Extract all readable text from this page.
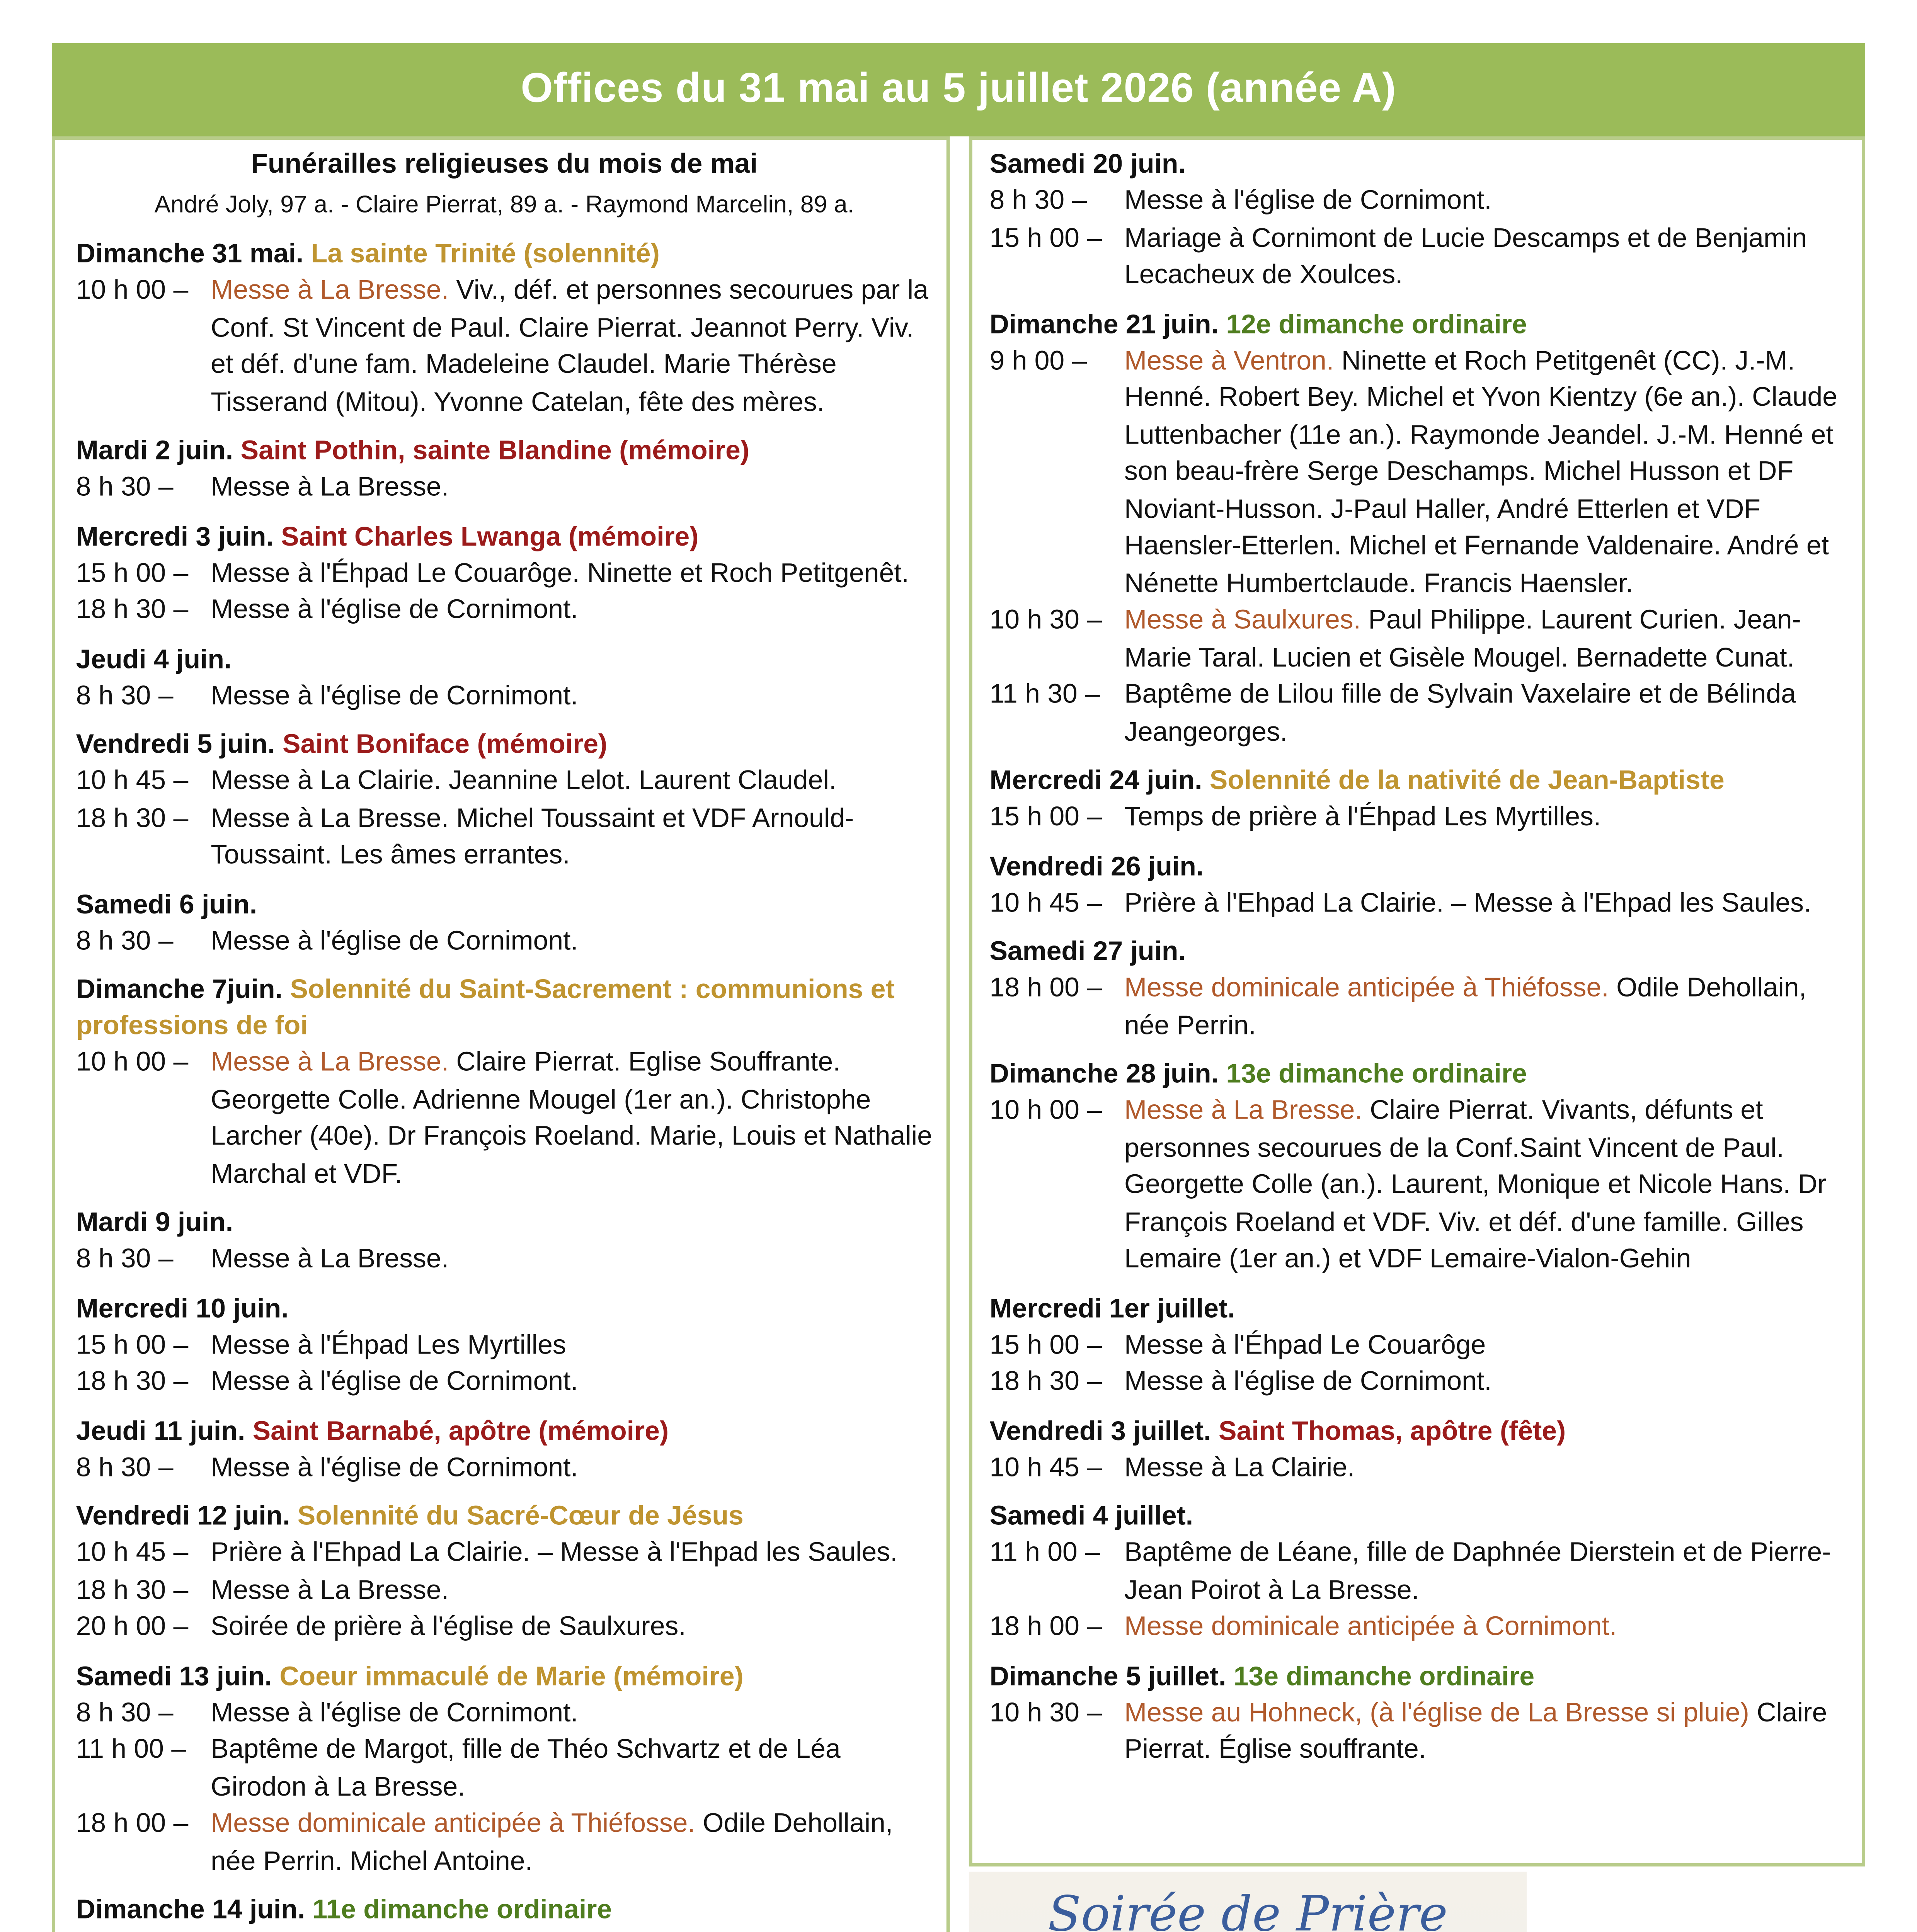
Offices du 31 mai au 5 juillet 2026 (année A)
Funérailles religieuses du mois de mai
André Joly, 97 a. - Claire Pierrat, 89 a. - Raymond Marcelin, 89 a.
Dimanche 31 mai. La sainte Trinité (solennité)
10 h 00 –	Messe à La Bresse. Viv., déf. et personnes secourues par la Conf. St Vincent de Paul. Claire Pierrat. Jeannot Perry. Viv. et déf. d'une fam. Madeleine Claudel. Marie Thérèse Tisserand (Mitou). Yvonne Catelan, fête des mères.
Mardi 2 juin. Saint Pothin, sainte Blandine (mémoire)
8 h 30 –	Messe à La Bresse.
Mercredi 3 juin. Saint Charles Lwanga (mémoire)
15 h 00 –	Messe à l'Éhpad Le Couarôge. Ninette et Roch Petitgenêt.
18 h 30 –	Messe à l'église de Cornimont.
Jeudi 4 juin.
8 h 30 –	Messe à l'église de Cornimont.
Vendredi 5 juin. Saint Boniface (mémoire)
10 h 45 –	Messe à La Clairie. Jeannine Lelot. Laurent Claudel.
18 h 30 –	Messe à La Bresse. Michel Toussaint et VDF Arnould-Toussaint. Les âmes errantes.
Samedi 6 juin.
8 h 30 –	Messe à l'église de Cornimont.
Dimanche 7juin. Solennité du Saint-Sacrement : communions et professions de foi
10 h 00 –	Messe à La Bresse. Claire Pierrat. Eglise Souffrante. Georgette Colle. Adrienne Mougel (1er an.). Christophe Larcher (40e). Dr François Roeland. Marie, Louis et Nathalie Marchal et VDF.
Mardi 9 juin.
8 h 30 –	Messe à La Bresse.
Mercredi 10 juin.
15 h 00 –	Messe à l'Éhpad Les Myrtilles
18 h 30 –	Messe à l'église de Cornimont.
Jeudi 11 juin. Saint Barnabé, apôtre (mémoire)
8 h 30 –	Messe à l'église de Cornimont.
Vendredi 12 juin. Solennité du Sacré-Cœur de Jésus
10 h 45 –	Prière à l'Ehpad La Clairie. – Messe à l'Ehpad les Saules.
18 h 30 –	Messe à La Bresse.
20 h 00 –	Soirée de prière à l'église de Saulxures.
Samedi 13 juin. Coeur immaculé de Marie (mémoire)
8 h 30 –	Messe à l'église de Cornimont.
11 h 00 –	Baptême de Margot, fille de Théo Schvartz et de Léa Girodon à La Bresse.
18 h 00 –	Messe dominicale anticipée à Thiéfosse. Odile Dehollain, née Perrin. Michel Antoine.
Dimanche 14 juin. 11e dimanche ordinaire
Samedi 20 juin.
8 h 30 –	Messe à l'église de Cornimont.
15 h 00 –	Mariage à Cornimont de Lucie Descamps et de Benjamin Lecacheux de Xoulces.
Dimanche 21 juin. 12e dimanche ordinaire
9 h 00 –	Messe à Ventron. Ninette et Roch Petitgenêt (CC). J.-M. Henné. Robert Bey. Michel et Yvon Kientzy (6e an.). Claude Luttenbacher (11e an.). Raymonde Jeandel. J.-M. Henné et son beau-frère Serge Deschamps. Michel Husson et DF Noviant-Husson. J-Paul Haller, André Etterlen et VDF Haensler-Etterlen. Michel et Fernande Valdenaire. André et Nénette Humbertclaude. Francis Haensler.
10 h 30 –	Messe à Saulxures. Paul Philippe. Laurent Curien. Jean-Marie Taral. Lucien et Gisèle Mougel. Bernadette Cunat.
11 h 30 –	Baptême de Lilou fille de Sylvain Vaxelaire et de Bélinda Jeangeorges.
Mercredi 24 juin. Solennité de la nativité de Jean-Baptiste
15 h 00 –	Temps de prière à l'Éhpad Les Myrtilles.
Vendredi 26 juin.
10 h 45 –	Prière à l'Ehpad La Clairie. – Messe à l'Ehpad les Saules.
Samedi 27 juin.
18 h 00 –	Messe dominicale anticipée à Thiéfosse. Odile Dehollain, née Perrin.
Dimanche 28 juin. 13e dimanche ordinaire
10 h 00 –	Messe à La Bresse. Claire Pierrat. Vivants, défunts et personnes secourues de la Conf.Saint Vincent de Paul. Georgette Colle (an.). Laurent, Monique et Nicole Hans. Dr François Roeland et VDF. Viv. et déf. d'une famille. Gilles Lemaire (1er an.) et VDF Lemaire-Vialon-Gehin
Mercredi 1er juillet.
15 h 00 –	Messe à l'Éhpad Le Couarôge
18 h 30 –	Messe à l'église de Cornimont.
Vendredi 3 juillet. Saint Thomas, apôtre (fête)
10 h 45 –	Messe à La Clairie.
Samedi 4 juillet.
11 h 00 –	Baptême de Léane, fille de Daphnée Dierstein et de Pierre-Jean Poirot à La Bresse.
18 h 00 –	Messe dominicale anticipée à Cornimont.
Dimanche 5 juillet. 13e dimanche ordinaire
10 h 30 –	Messe au Hohneck, (à l'église de La Bresse si pluie) Claire Pierrat. Église souffrante.
Soirée de Prière
